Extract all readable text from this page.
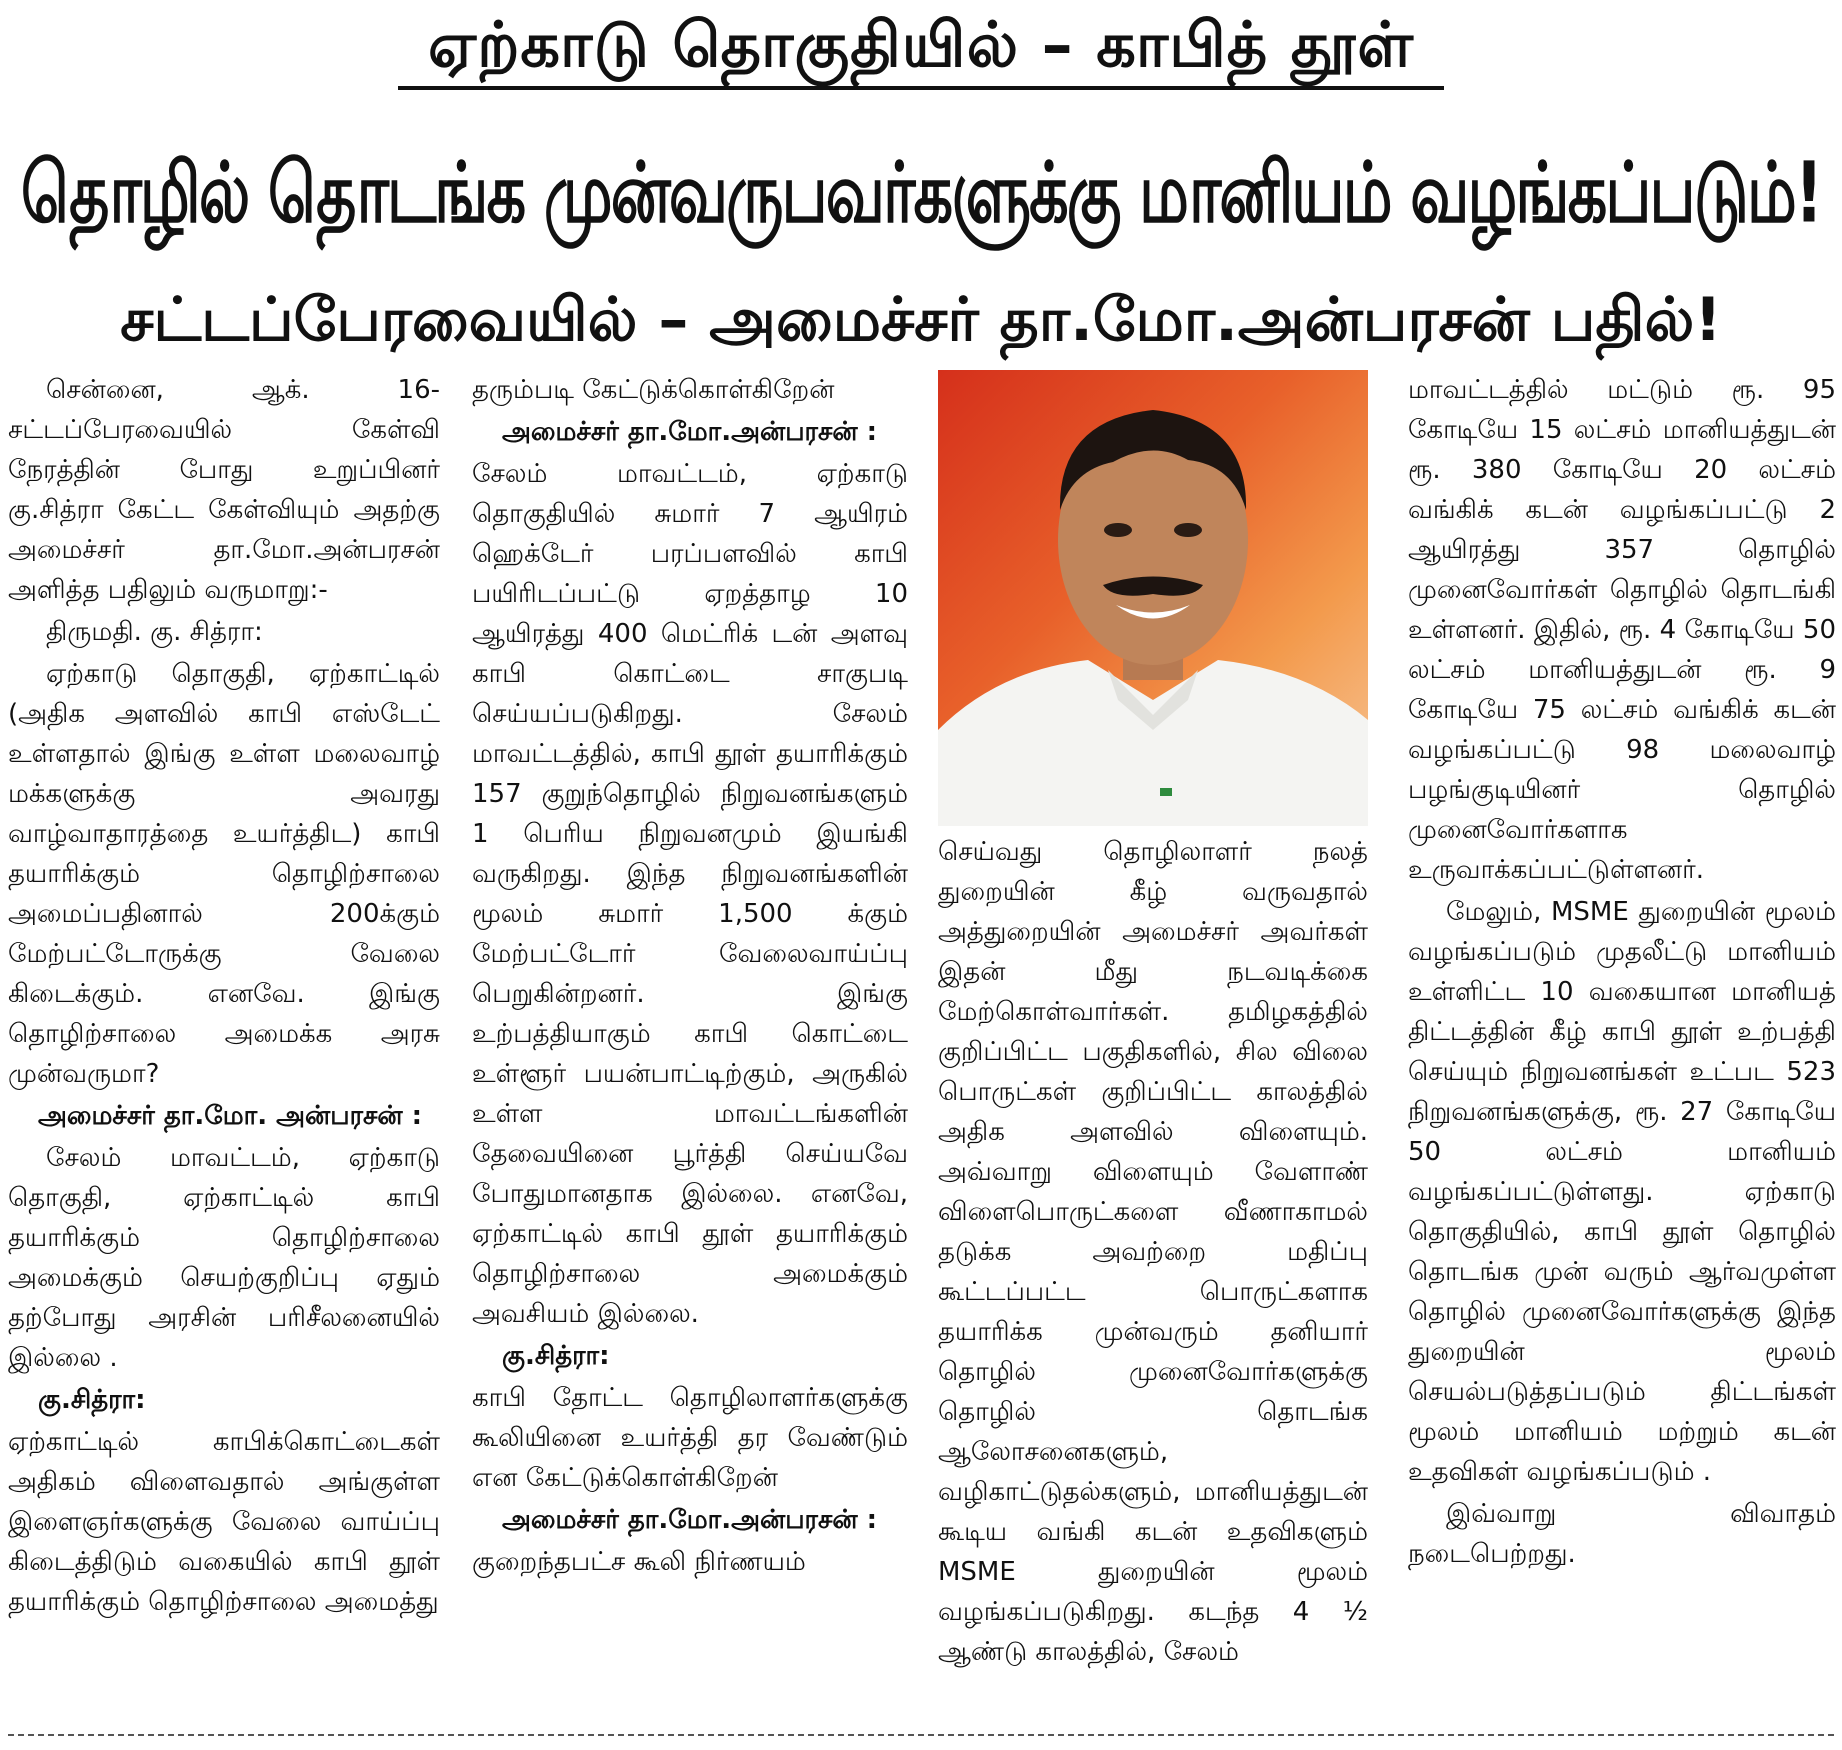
ஏற்காடு தொகுதியில் – காபித் தூள்
தொழில் தொடங்க முன்வருபவர்களுக்கு மானியம் வழங்கப்படும்!
சட்டப்பேரவையில் – அமைச்சர் தா.மோ.அன்பரசன் பதில்!

சென்னை, ஆக். 16- சட்டப்பேரவையில் கேள்வி நேரத்தின் போது உறுப்பினர் கு.சித்ரா கேட்ட கேள்வியும் அதற்கு அமைச்சர் தா.மோ.அன்பரசன் அளித்த பதிலும் வருமாறு:-

திருமதி. கு. சித்ரா:

ஏற்காடு தொகுதி, ஏற்காட்டில் (அதிக அளவில் காபி எஸ்டேட் உள்ளதால் இங்கு உள்ள மலைவாழ் மக்களுக்கு அவரது வாழ்வாதாரத்தை உயர்த்திட) காபி தயாரிக்கும் தொழிற்சாலை அமைப்பதினால் 200க்கும் மேற்பட்டோருக்கு வேலை கிடைக்கும். எனவே. இங்கு தொழிற்சாலை அமைக்க அரசு முன்வருமா?

அமைச்சர் தா.மோ. அன்பரசன் :

சேலம் மாவட்டம், ஏற்காடு தொகுதி, ஏற்காட்டில் காபி தயாரிக்கும் தொழிற்சாலை அமைக்கும் செயற்குறிப்பு ஏதும் தற்போது அரசின் பரிசீலனையில் இல்லை .

கு.சித்ரா:

ஏற்காட்டில் காபிக்கொட்டைகள் அதிகம் விளைவதால் அங்குள்ள இளைஞர்களுக்கு வேலை வாய்ப்பு கிடைத்திடும் வகையில் காபி தூள் தயாரிக்கும் தொழிற்சாலை அமைத்து

தரும்படி கேட்டுக்கொள்கிறேன்

அமைச்சர் தா.மோ.அன்பரசன் :

சேலம் மாவட்டம், ஏற்காடு தொகுதியில் சுமார் 7 ஆயிரம் ஹெக்டேர் பரப்பளவில் காபி பயிரிடப்பட்டு ஏறத்தாழ 10 ஆயிரத்து 400 மெட்ரிக் டன் அளவு காபி கொட்டை சாகுபடி செய்யப்படுகிறது. சேலம் மாவட்டத்தில், காபி தூள் தயாரிக்கும் 157 குறுந்தொழில் நிறுவனங்களும் 1 பெரிய நிறுவனமும் இயங்கி வருகிறது. இந்த நிறுவனங்களின் மூலம் சுமார் 1,500 க்கும் மேற்பட்டோர் வேலைவாய்ப்பு பெறுகின்றனர். இங்கு உற்பத்தியாகும் காபி கொட்டை உள்ளூர் பயன்பாட்டிற்கும், அருகில் உள்ள மாவட்டங்களின் தேவையினை பூர்த்தி செய்யவே போதுமானதாக இல்லை. எனவே, ஏற்காட்டில் காபி தூள் தயாரிக்கும் தொழிற்சாலை அமைக்கும் அவசியம் இல்லை.

கு.சித்ரா:

காபி தோட்ட தொழிலாளர்களுக்கு கூலியினை உயர்த்தி தர வேண்டும் என கேட்டுக்கொள்கிறேன்

அமைச்சர் தா.மோ.அன்பரசன் :

குறைந்தபட்ச கூலி நிர்ணயம்

செய்வது தொழிலாளர் நலத் துறையின் கீழ் வருவதால் அத்துறையின் அமைச்சர் அவர்கள் இதன் மீது நடவடிக்கை மேற்கொள்வார்கள். தமிழகத்தில் குறிப்பிட்ட பகுதிகளில், சில விலை பொருட்கள் குறிப்பிட்ட காலத்தில் அதிக அளவில் விளையும். அவ்வாறு விளையும் வேளாண் விளைபொருட்களை வீணாகாமல் தடுக்க அவற்றை மதிப்பு கூட்டப்பட்ட பொருட்களாக தயாரிக்க முன்வரும் தனியார் தொழில் முனைவோர்களுக்கு தொழில் தொடங்க ஆலோசனைகளும், வழிகாட்டுதல்களும், மானியத்துடன் கூடிய வங்கி கடன் உதவிகளும் MSME துறையின் மூலம் வழங்கப்படுகிறது. கடந்த 4 ½ ஆண்டு காலத்தில், சேலம்

மாவட்டத்தில் மட்டும் ரூ. 95 கோடியே 15 லட்சம் மானியத்துடன் ரூ. 380 கோடியே 20 லட்சம் வங்கிக் கடன் வழங்கப்பட்டு 2 ஆயிரத்து 357 தொழில் முனைவோர்கள் தொழில் தொடங்கி உள்ளனர். இதில், ரூ. 4 கோடியே 50 லட்சம் மானியத்துடன் ரூ. 9 கோடியே 75 லட்சம் வங்கிக் கடன் வழங்கப்பட்டு 98 மலைவாழ் பழங்குடியினர் தொழில் முனைவோர்களாக உருவாக்கப்பட்டுள்ளனர்.

மேலும், MSME துறையின் மூலம் வழங்கப்படும் முதலீட்டு மானியம் உள்ளிட்ட 10 வகையான மானியத் திட்டத்தின் கீழ் காபி தூள் உற்பத்தி செய்யும் நிறுவனங்கள் உட்பட 523 நிறுவனங்களுக்கு, ரூ. 27 கோடியே 50 லட்சம் மானியம் வழங்கப்பட்டுள்ளது. ஏற்காடு தொகுதியில், காபி தூள் தொழில் தொடங்க முன் வரும் ஆர்வமுள்ள தொழில் முனைவோர்களுக்கு இந்த துறையின் மூலம் செயல்படுத்தப்படும் திட்டங்கள் மூலம் மானியம் மற்றும் கடன் உதவிகள் வழங்கப்படும் .

இவ்வாறு விவாதம் நடைபெற்றது.
